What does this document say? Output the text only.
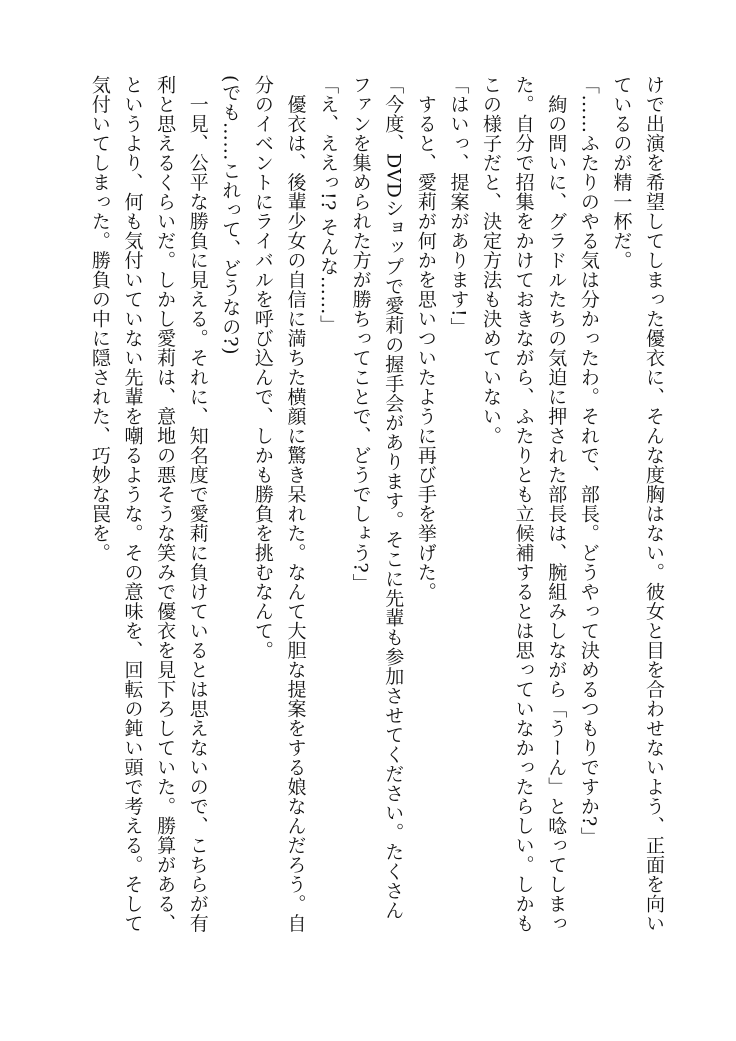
けで出演を希望してしまった優衣に、そんな度胸はない。彼女と目を合わせないよう、正面を向い
ているのが精一杯だ。
「……ふたりのやる気は分かったわ。それで、部長。どうやって決めるつもりですか?」
　絢の問いに、グラドルたちの気迫に押された部長は、腕組みしながら「うーん」と唸ってしまっ
た。自分で招集をかけておきながら、ふたりとも立候補するとは思っていなかったらしい。しかも
この様子だと、決定方法も決めていない。
「はいっ、提案があります!」
　すると、愛莉が何かを思いついたように再び手を挙げた。
「今度、DVDショップで愛莉の握手会があります。そこに先輩も参加させてください。たくさん
ファンを集められた方が勝ちってことで、どうでしょう?」
「え、ええっ!? そんな……」
　優衣は、後輩少女の自信に満ちた横顔に驚き呆れた。なんて大胆な提案をする娘なんだろう。自
分のイベントにライバルを呼び込んで、しかも勝負を挑むなんて。
(でも……これって、どうなの?)
　一見、公平な勝負に見える。それに、知名度で愛莉に負けているとは思えないので、こちらが有
利と思えるくらいだ。しかし愛莉は、意地の悪そうな笑みで優衣を見下ろしていた。勝算がある、
というより、何も気付いていない先輩を嘲るような。その意味を、回転の鈍い頭で考える。そして
気付いてしまった。勝負の中に隠された、巧妙な罠を。
